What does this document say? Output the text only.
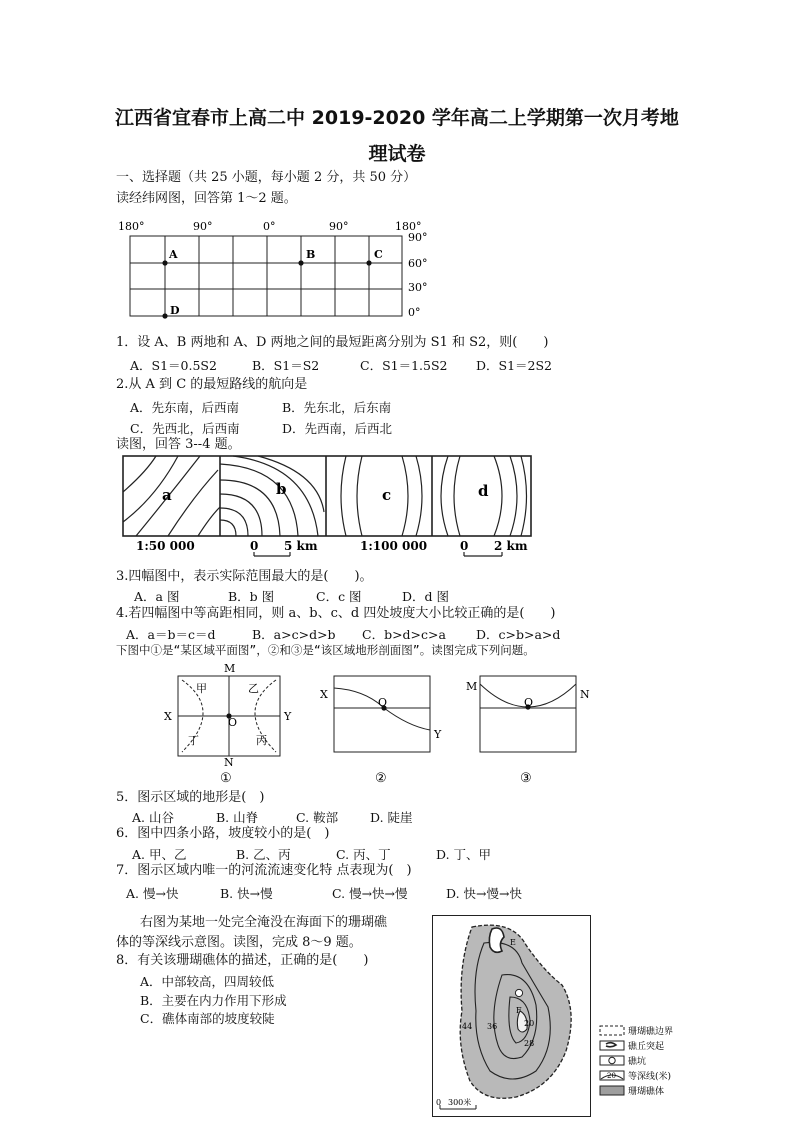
江西省宜春市上高二中 2019-2020 学年高二上学期第一次月考地
理试卷
一、选择题（共 25 小题，每小题 2 分，共 50 分）
读经纬网图，回答第 1～2 题。
180°	90°	0°	90°	180°
90°
60°
30°
0°
A	B	C
D
1．设 A、B 两地和 A、D 两地之间的最短距离分别为 S1 和 S2，则(　　)
A．S1＝0.5S2	B．S1＝S2	C．S1＝1.5S2 D．S1＝2S2
2.从 A 到 C 的最短路线的航向是
A．先东南，后西南	B．先东北，后东南
C．先西北，后西南	D．先西南，后西北
读图，回答 3--4 题。
a	b	c	d
1:50 000	0 5 km	1:100 000	0 2 km
3.四幅图中，表示实际范围最大的是(　　)。
A．a 图	B．b 图	C．c 图	D．d 图
4.若四幅图中等高距相同，则 a、b、c、d 四处坡度大小比较正确的是(　　)
A．a＝b＝c＝d	B．a>c>d>b C．b>d>c>a D．c>b>a>d
下图中①是“某区域平面图”，②和③是“该区域地形剖面图”。读图完成下列问题。
M
N
X	Y
O
甲	乙
丙
丁
①
X
O
Y
②
M
O
N
③
5．图示区域的地形是(　)
A. 山谷	B. 山脊	C. 鞍部	D. 陡崖
6．图中四条小路，坡度较小的是(　)
A. 甲、乙	B. 乙、丙	C. 丙、丁	D. 丁、甲
7．图示区域内唯一的河流流速变化特 点表现为(　)
A. 慢→快	B. 快→慢	C. 慢→快→慢	D. 快→慢→快
右图为某地一处完全淹没在海面下的珊瑚礁
体的等深线示意图。读图，完成 8～9 题。
8．有关该珊瑚礁体的描述，正确的是(　　)
A．中部较高，四周较低
B．主要在内力作用下形成
C．礁体南部的坡度较陡
E
F
44 36
28
20
0 300米
珊瑚礁边界
礁丘突起
礁坑
20 等深线(米)
珊瑚礁体
